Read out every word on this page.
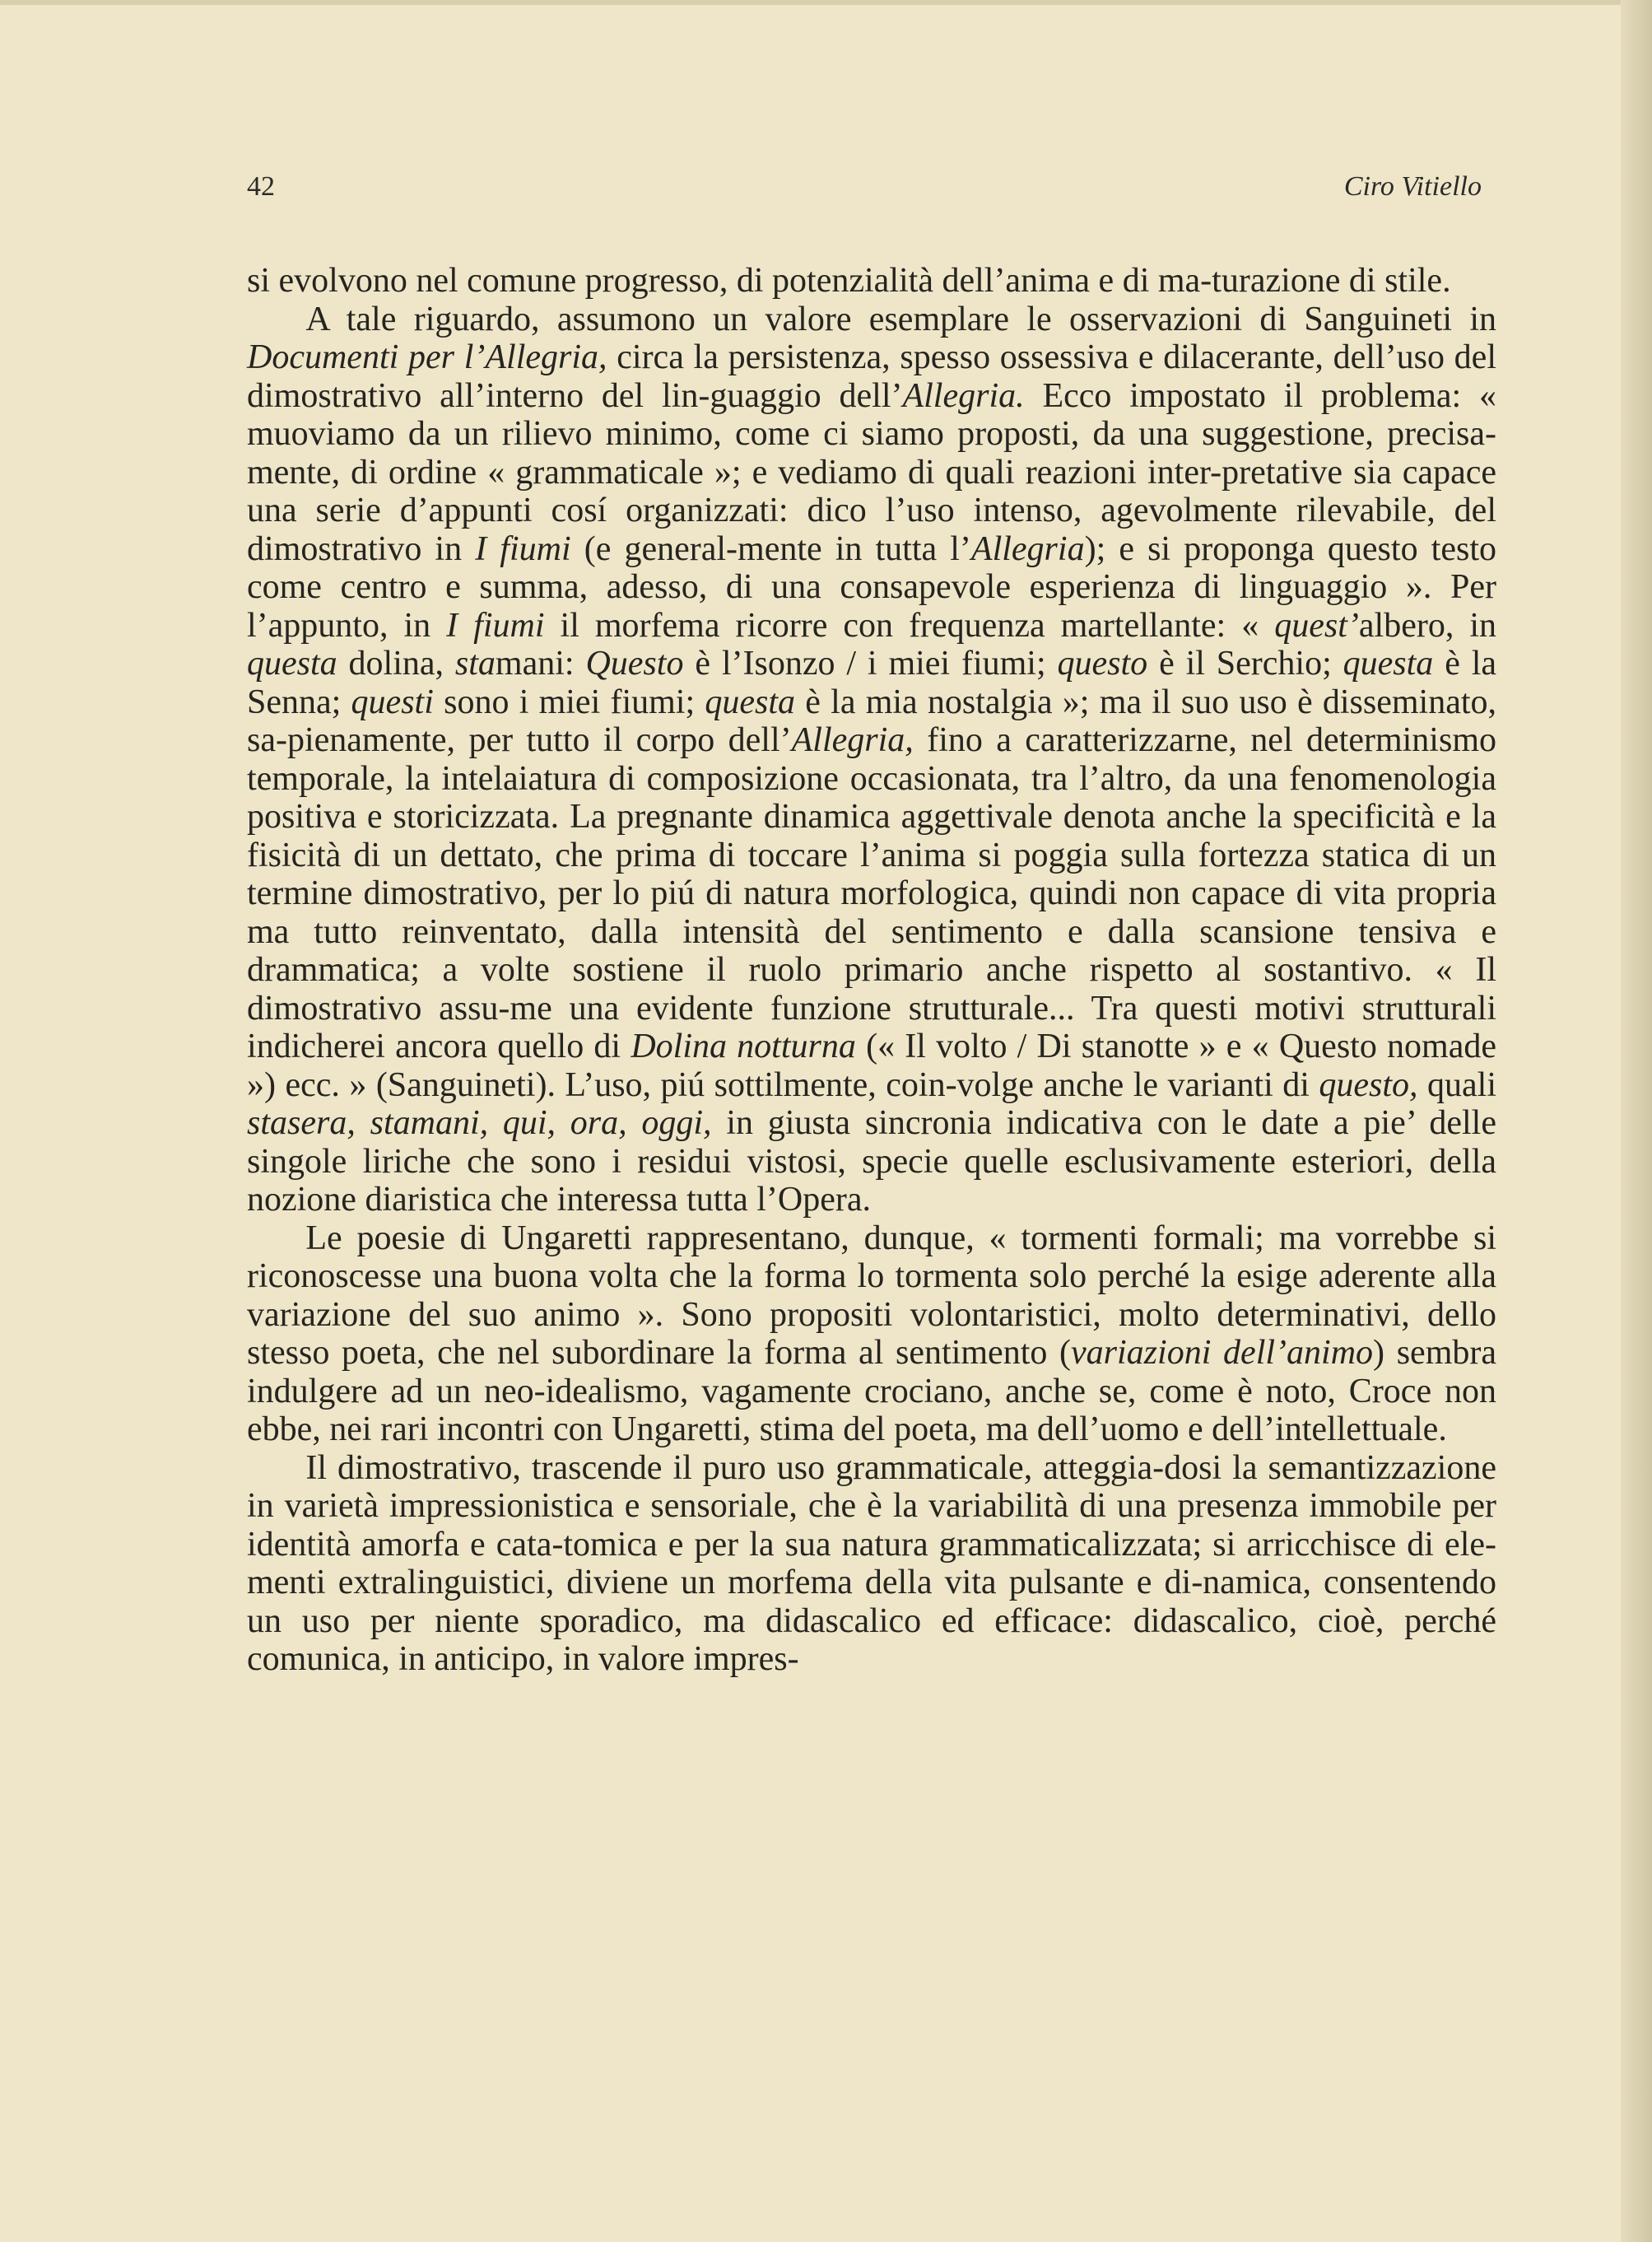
42	Ciro Vitiello

si evolvono nel comune progresso, di potenzialità dell’anima e di ma-turazione di stile.

A tale riguardo, assumono un valore esemplare le osservazioni di Sanguineti in Documenti per l’Allegria, circa la persistenza, spesso ossessiva e dilacerante, dell’uso del dimostrativo all’interno del lin-guaggio dell’Allegria. Ecco impostato il problema: « muoviamo da un rilievo minimo, come ci siamo proposti, da una suggestione, precisa-mente, di ordine « grammaticale »; e vediamo di quali reazioni inter-pretative sia capace una serie d’appunti cosí organizzati: dico l’uso intenso, agevolmente rilevabile, del dimostrativo in I fiumi (e general-mente in tutta l’Allegria); e si proponga questo testo come centro e summa, adesso, di una consapevole esperienza di linguaggio ». Per l’appunto, in I fiumi il morfema ricorre con frequenza martellante: « quest’albero, in questa dolina, stamani: Questo è l’Isonzo / i miei fiumi; questo è il Serchio; questa è la Senna; questi sono i miei fiumi; questa è la mia nostalgia »; ma il suo uso è disseminato, sa-pienamente, per tutto il corpo dell’Allegria, fino a caratterizzarne, nel determinismo temporale, la intelaiatura di composizione occasionata, tra l’altro, da una fenomenologia positiva e storicizzata. La pregnante dinamica aggettivale denota anche la specificità e la fisicità di un dettato, che prima di toccare l’anima si poggia sulla fortezza statica di un termine dimostrativo, per lo piú di natura morfologica, quindi non capace di vita propria ma tutto reinventato, dalla intensità del sentimento e dalla scansione tensiva e drammatica; a volte sostiene il ruolo primario anche rispetto al sostantivo. « Il dimostrativo assu-me una evidente funzione strutturale... Tra questi motivi strutturali indicherei ancora quello di Dolina notturna (« Il volto / Di stanotte » e « Questo nomade ») ecc. » (Sanguineti). L’uso, piú sottilmente, coin-volge anche le varianti di questo, quali stasera, stamani, qui, ora, oggi, in giusta sincronia indicativa con le date a pie’ delle singole liriche che sono i residui vistosi, specie quelle esclusivamente esteriori, della nozione diaristica che interessa tutta l’Opera.

Le poesie di Ungaretti rappresentano, dunque, « tormenti formali; ma vorrebbe si riconoscesse una buona volta che la forma lo tormenta solo perché la esige aderente alla variazione del suo animo ». Sono propositi volontaristici, molto determinativi, dello stesso poeta, che nel subordinare la forma al sentimento (variazioni dell’animo) sembra indulgere ad un neo-idealismo, vagamente crociano, anche se, come è noto, Croce non ebbe, nei rari incontri con Ungaretti, stima del poeta, ma dell’uomo e dell’intellettuale.

Il dimostrativo, trascende il puro uso grammaticale, atteggia-dosi la semantizzazione in varietà impressionistica e sensoriale, che è la variabilità di una presenza immobile per identità amorfa e cata-tomica e per la sua natura grammaticalizzata; si arricchisce di ele-menti extralinguistici, diviene un morfema della vita pulsante e di-namica, consentendo un uso per niente sporadico, ma didascalico ed efficace: didascalico, cioè, perché comunica, in anticipo, in valore impres-
